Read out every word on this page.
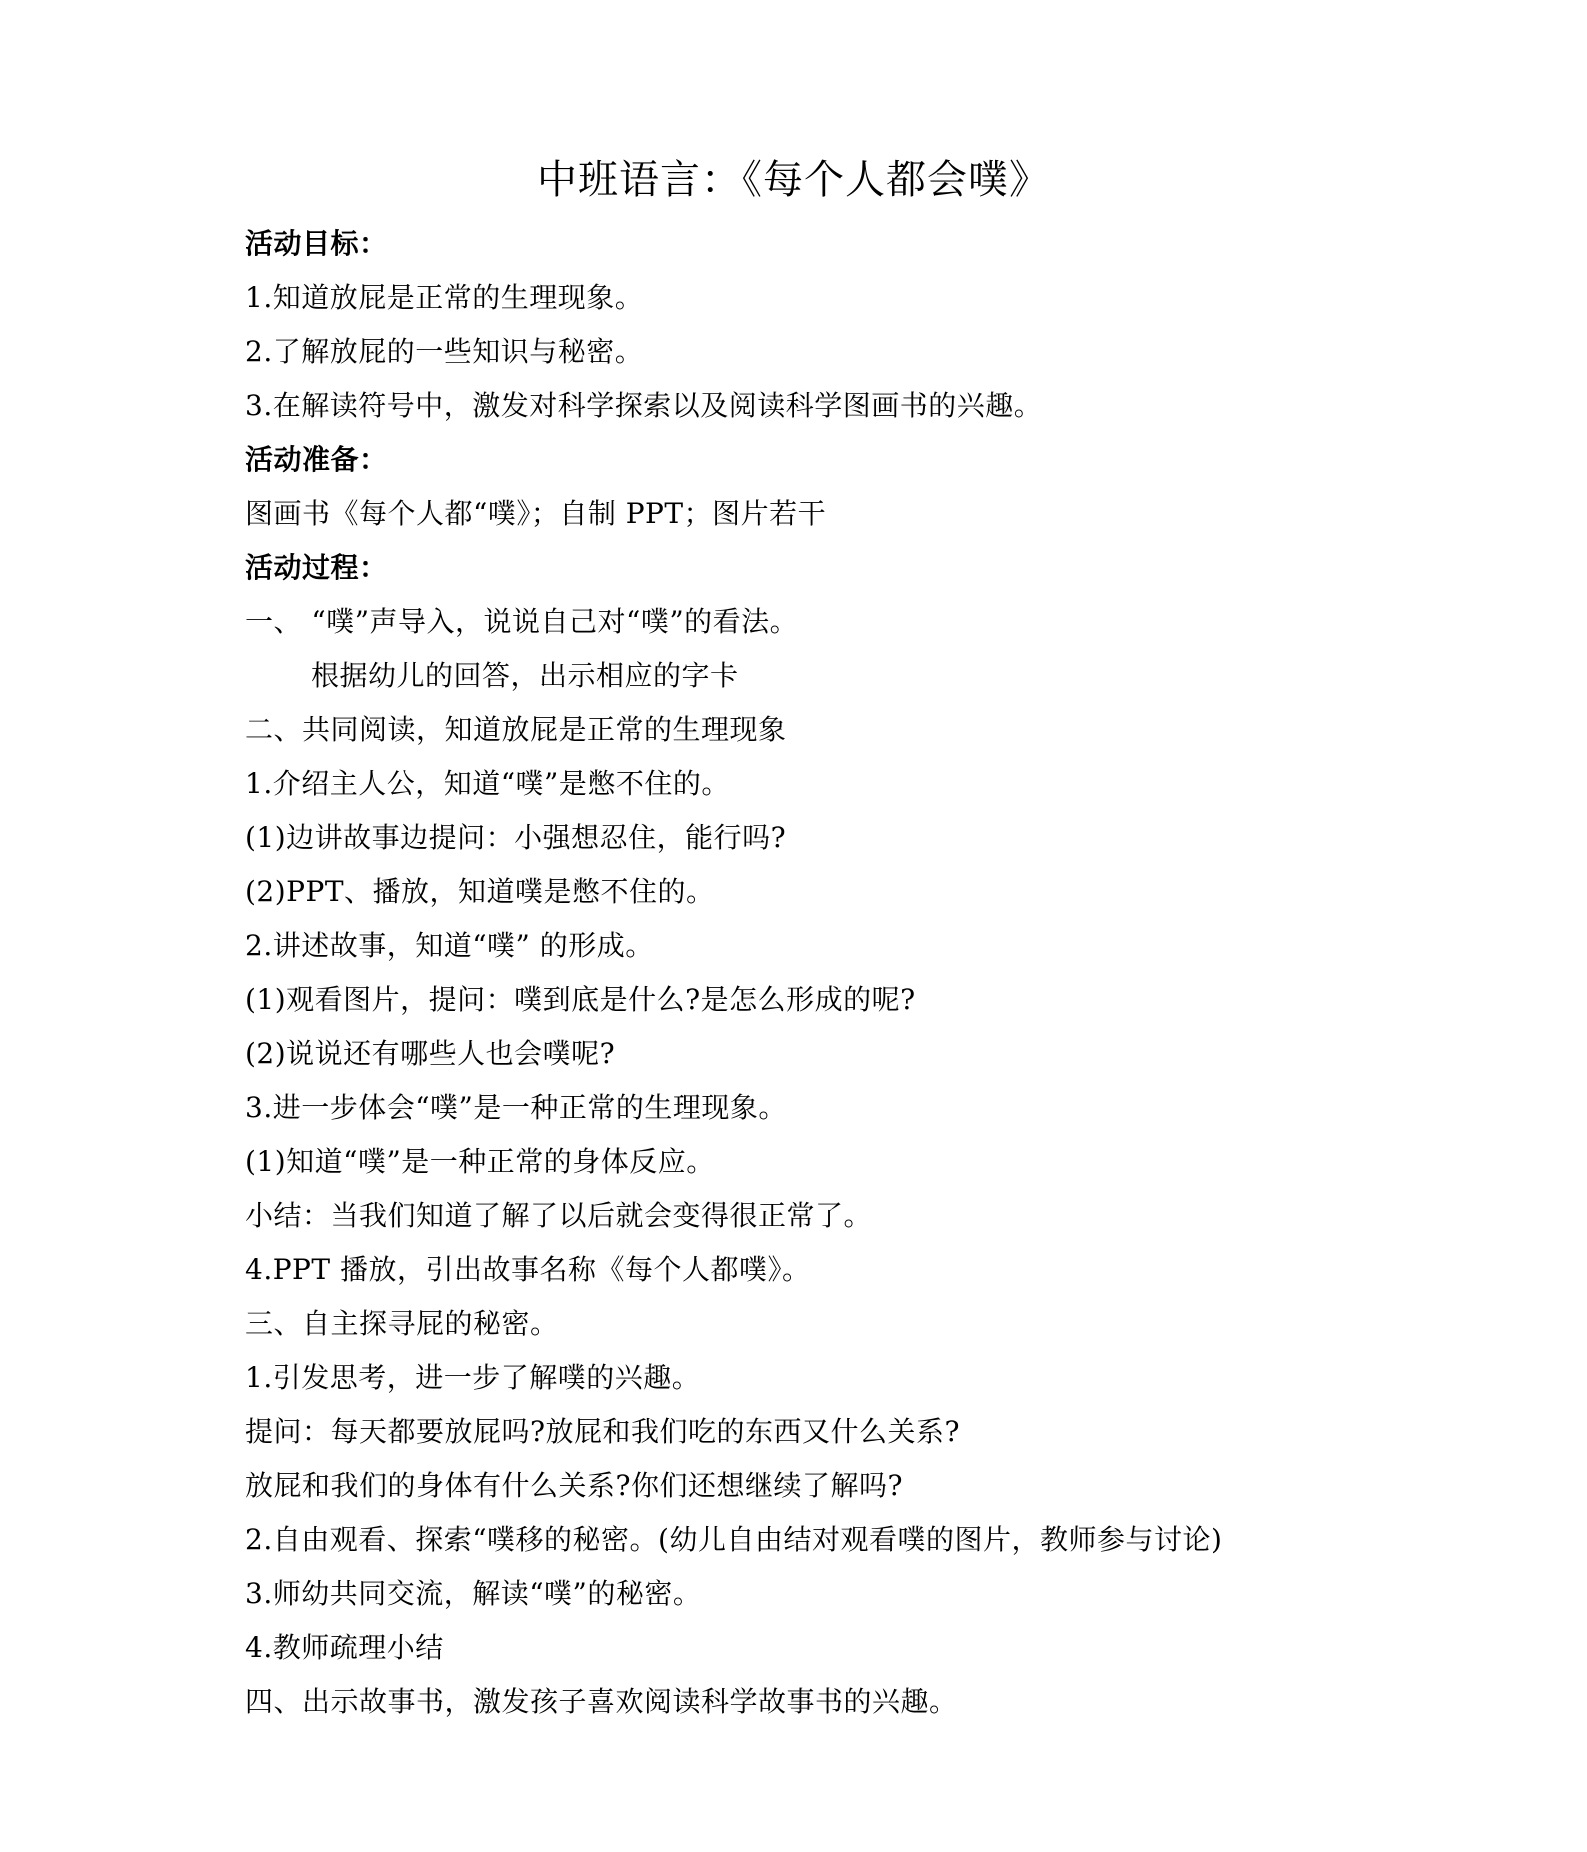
中班语言：《每个人都会噗》
活动目标：
1.知道放屁是正常的生理现象。
2.了解放屁的一些知识与秘密。
3.在解读符号中，激发对科学探索以及阅读科学图画书的兴趣。
活动准备：
图画书《每个人都“噗》；自制 PPT；图片若干
活动过程：
一、 “噗”声导入，说说自己对“噗”的看法。
根据幼儿的回答，出示相应的字卡
二、共同阅读，知道放屁是正常的生理现象
1.介绍主人公，知道“噗”是憋不住的。
(1)边讲故事边提问：小强想忍住，能行吗?
(2)PPT、播放，知道噗是憋不住的。
2.讲述故事，知道“噗” 的形成。
(1)观看图片，提问：噗到底是什么?是怎么形成的呢?
(2)说说还有哪些人也会噗呢?
3.进一步体会“噗”是一种正常的生理现象。
(1)知道“噗”是一种正常的身体反应。
小结：当我们知道了解了以后就会变得很正常了。
4.PPT 播放，引出故事名称《每个人都噗》。
三、自主探寻屁的秘密。
1.引发思考，进一步了解噗的兴趣。
提问：每天都要放屁吗?放屁和我们吃的东西又什么关系?
放屁和我们的身体有什么关系?你们还想继续了解吗?
2.自由观看、探索“噗移的秘密。(幼儿自由结对观看噗的图片，教师参与讨论)
3.师幼共同交流，解读“噗”的秘密。
4.教师疏理小结
四、出示故事书，激发孩子喜欢阅读科学故事书的兴趣。
